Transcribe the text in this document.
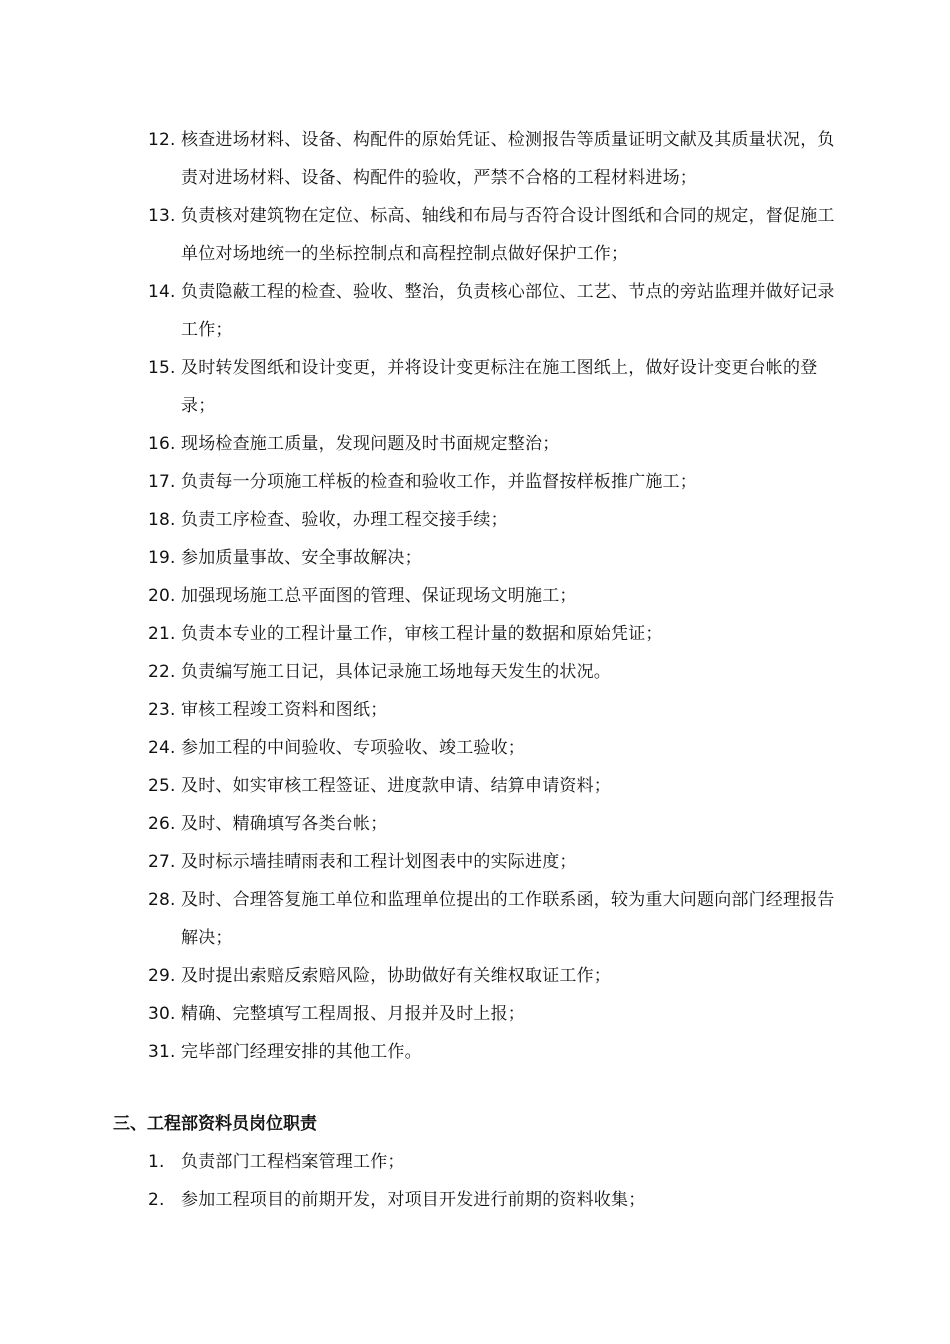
12. 核查进场材料、设备、构配件的原始凭证、检测报告等质量证明文献及其质量状况，负责对进场材料、设备、构配件的验收，严禁不合格的工程材料进场；
13. 负责核对建筑物在定位、标高、轴线和布局与否符合设计图纸和合同的规定，督促施工单位对场地统一的坐标控制点和高程控制点做好保护工作；
14. 负责隐蔽工程的检查、验收、整治，负责核心部位、工艺、节点的旁站监理并做好记录工作；
15. 及时转发图纸和设计变更，并将设计变更标注在施工图纸上，做好设计变更台帐的登录；
16. 现场检查施工质量，发现问题及时书面规定整治；
17. 负责每一分项施工样板的检查和验收工作，并监督按样板推广施工；
18. 负责工序检查、验收，办理工程交接手续；
19. 参加质量事故、安全事故解决；
20. 加强现场施工总平面图的管理、保证现场文明施工；
21. 负责本专业的工程计量工作，审核工程计量的数据和原始凭证；
22. 负责编写施工日记，具体记录施工场地每天发生的状况。
23. 审核工程竣工资料和图纸；
24. 参加工程的中间验收、专项验收、竣工验收；
25. 及时、如实审核工程签证、进度款申请、结算申请资料；
26. 及时、精确填写各类台帐；
27. 及时标示墙挂晴雨表和工程计划图表中的实际进度；
28. 及时、合理答复施工单位和监理单位提出的工作联系函，较为重大问题向部门经理报告解决；
29. 及时提出索赔反索赔风险，协助做好有关维权取证工作；
30. 精确、完整填写工程周报、月报并及时上报；
31. 完毕部门经理安排的其他工作。
三、工程部资料员岗位职责
1. 负责部门工程档案管理工作；
2. 参加工程项目的前期开发，对项目开发进行前期的资料收集；
